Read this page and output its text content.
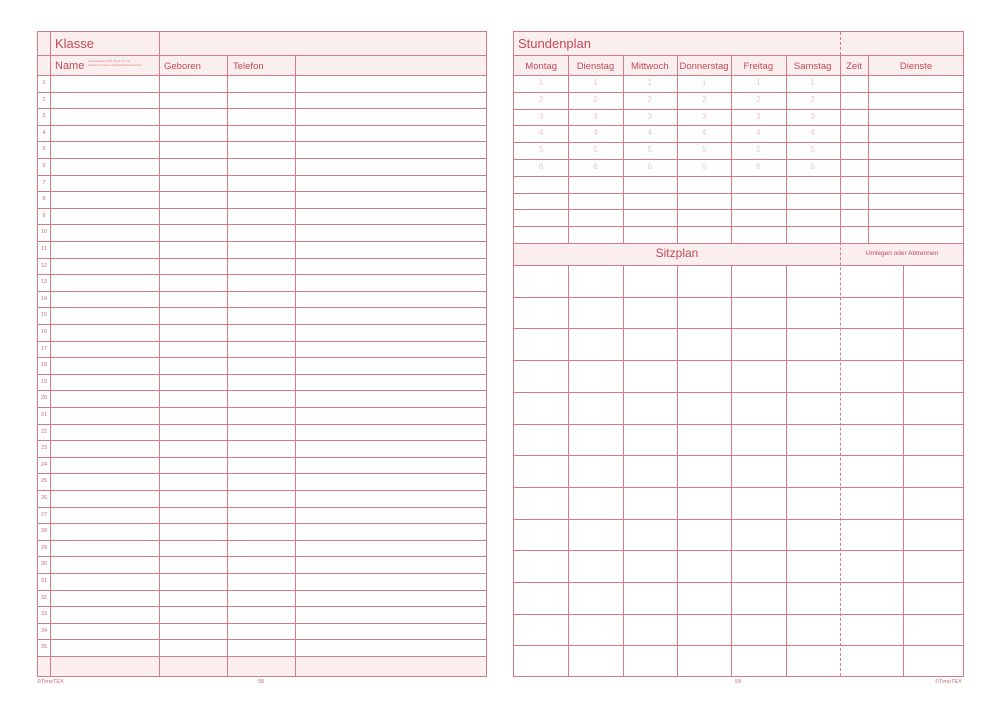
Klasse
Name Zeilenabstand (M) Word 15,7 pt
Zusammenfassung/Abstand/Zeilenhöhe	Geboren	Telefon
1
2
3
4
5
6
7
8
9
10
11
12
13
14
15
16
17
18
19
20
21
22
23
24
25
26
27
28
29
30
31
32
33
34
35
Stundenplan
Montag	Dienstag	Mittwoch	Donnerstag	Freitag	Samstag	Zeit	Dienste
1	1	1	1	1	1
2	2	2	2	2	2
3	3	3	3	3	3
4	4	4	4	4	4
5	5	5	5	5	5
6	6	6	6	6	6
Sitzplan	Umlegen oder Abtrennen
©TimeTEX	58	59	©TimeTEX
